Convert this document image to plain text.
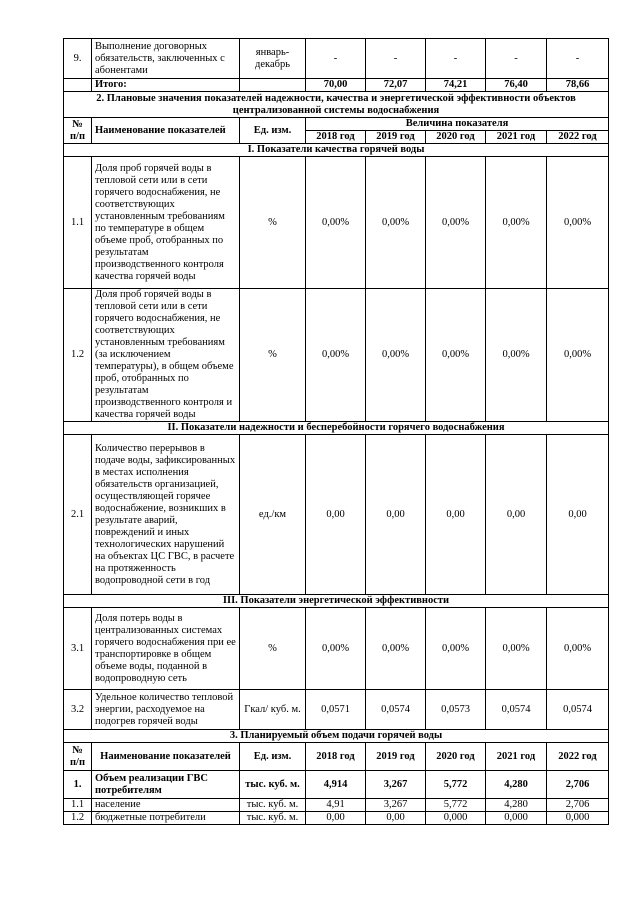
9.	Выполнение договорных обязательств, заключенных с абонентами	январь-декабрь	-	-	-	-	-
	Итого:		70,00	72,07	74,21	76,40	78,66
2. Плановые значения показателей надежности, качества и энергетической эффективности объектов централизованной системы водоснабжения							
№ п/п	Наименование показателей	Ед. изм.	Величина показателя				
			2018 год	2019 год	2020 год	2021 год	2022 год
I. Показатели качества горячей воды							
1.1	Доля проб горячей воды в тепловой сети или в сети горячего водоснабжения, не соответствующих установленным требованиям по температуре в общем объеме проб, отобранных по результатам производственного контроля качества горячей воды	%	0,00%	0,00%	0,00%	0,00%	0,00%
1.2	Доля проб горячей воды в тепловой сети или в сети горячего водоснабжения, не соответствующих установленным требованиям (за исключением температуры), в общем объеме проб, отобранных по результатам производственного контроля и качества горячей воды	%	0,00%	0,00%	0,00%	0,00%	0,00%
II. Показатели надежности и бесперебойности горячего водоснабжения							
2.1	Количество перерывов в подаче воды, зафиксированных в местах исполнения обязательств организацией, осуществляющей горячее водоснабжение, возникших в результате аварий, повреждений и иных технологических нарушений на объектах ЦС ГВС, в расчете на протяженность водопроводной сети в год	ед./км	0,00	0,00	0,00	0,00	0,00
III. Показатели энергетической эффективности							
3.1	Доля потерь воды в централизованных системах горячего водоснабжения при ее транспортировке в общем объеме воды, поданной в водопроводную сеть	%	0,00%	0,00%	0,00%	0,00%	0,00%
3.2	Удельное количество тепловой энергии, расходуемое на подогрев горячей воды	Гкал/ куб. м.	0,0571	0,0574	0,0573	0,0574	0,0574
3. Планируемый объем подачи горячей воды							
№ п/п	Наименование показателей	Ед. изм.	2018 год	2019 год	2020 год	2021 год	2022 год
1.	Объем реализации ГВС потребителям	тыс. куб. м.	4,914	3,267	5,772	4,280	2,706
1.1	население	тыс. куб. м.	4,91	3,267	5,772	4,280	2,706
1.2	бюджетные потребители	тыс. куб. м.	0,00	0,00	0,000	0,000	0,000
